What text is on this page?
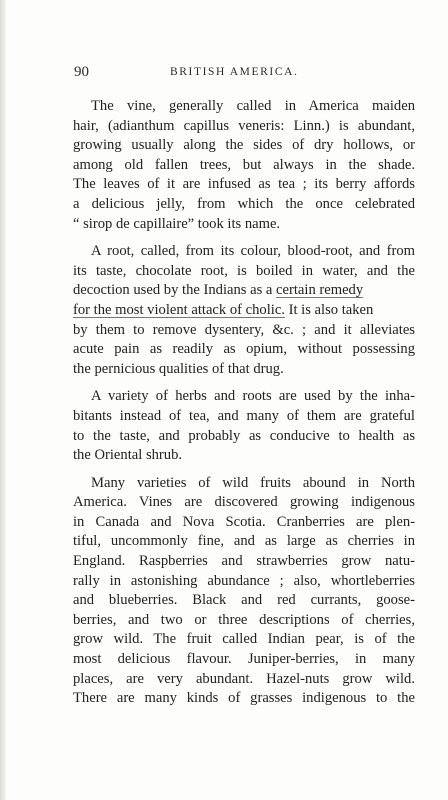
90	BRITISH AMERICA.

The vine, generally called in America maiden
hair, (adianthum capillus veneris: Linn.) is abundant,
growing usually along the sides of dry hollows, or
among old fallen trees, but always in the shade.
The leaves of it are infused as tea ; its berry affords
a delicious jelly, from which the once celebrated
“ sirop de capillaire” took its name.

A root, called, from its colour, blood-root, and from
its taste, chocolate root, is boiled in water, and the
decoction used by the Indians as a certain remedy
for the most violent attack of cholic. It is also taken
by them to remove dysentery, &c. ; and it alleviates
acute pain as readily as opium, without possessing
the pernicious qualities of that drug.

A variety of herbs and roots are used by the inha-
bitants instead of tea, and many of them are grateful
to the taste, and probably as conducive to health as
the Oriental shrub.

Many varieties of wild fruits abound in North
America. Vines are discovered growing indigenous
in Canada and Nova Scotia. Cranberries are plen-
tiful, uncommonly fine, and as large as cherries in
England. Raspberries and strawberries grow natu-
rally in astonishing abundance ; also, whortleberries
and blueberries. Black and red currants, goose-
berries, and two or three descriptions of cherries,
grow wild. The fruit called Indian pear, is of the
most delicious flavour. Juniper-berries, in many
places, are very abundant. Hazel-nuts grow wild.
There are many kinds of grasses indigenous to the
